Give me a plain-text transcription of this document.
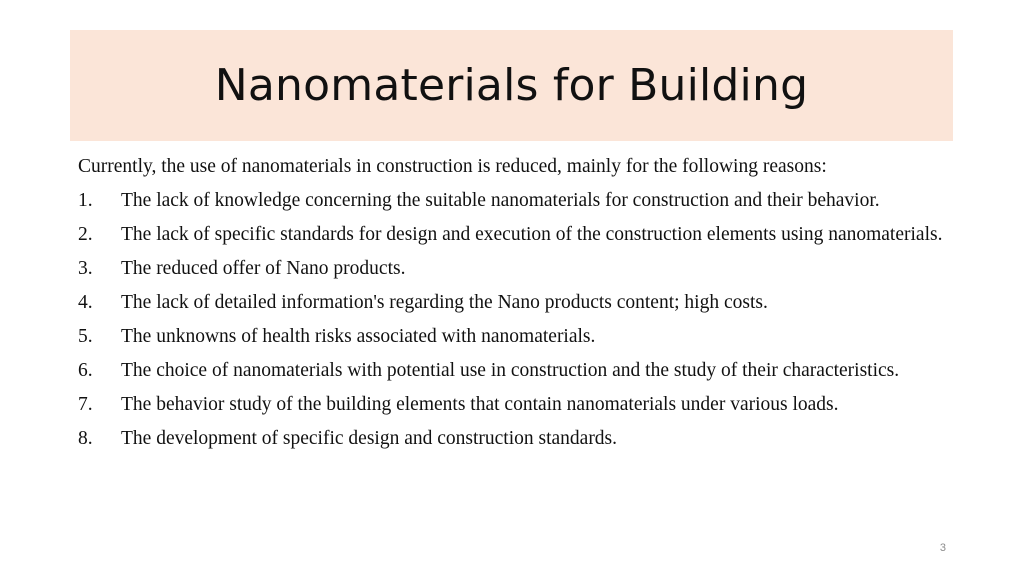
Nanomaterials for Building

Currently, the use of nanomaterials in construction is reduced, mainly for the following reasons:

1.	The lack of knowledge concerning the suitable nanomaterials for construction and their behavior.
2.	The lack of specific standards for design and execution of the construction elements using nanomaterials.
3.	The reduced offer of Nano products.
4.	The lack of detailed information's regarding the Nano products content; high costs.
5.	The unknowns of health risks associated with nanomaterials.
6.	The choice of nanomaterials with potential use in construction and the study of their characteristics.
7.	The behavior study of the building elements that contain nanomaterials under various loads.
8.	The development of specific design and construction standards.
3
